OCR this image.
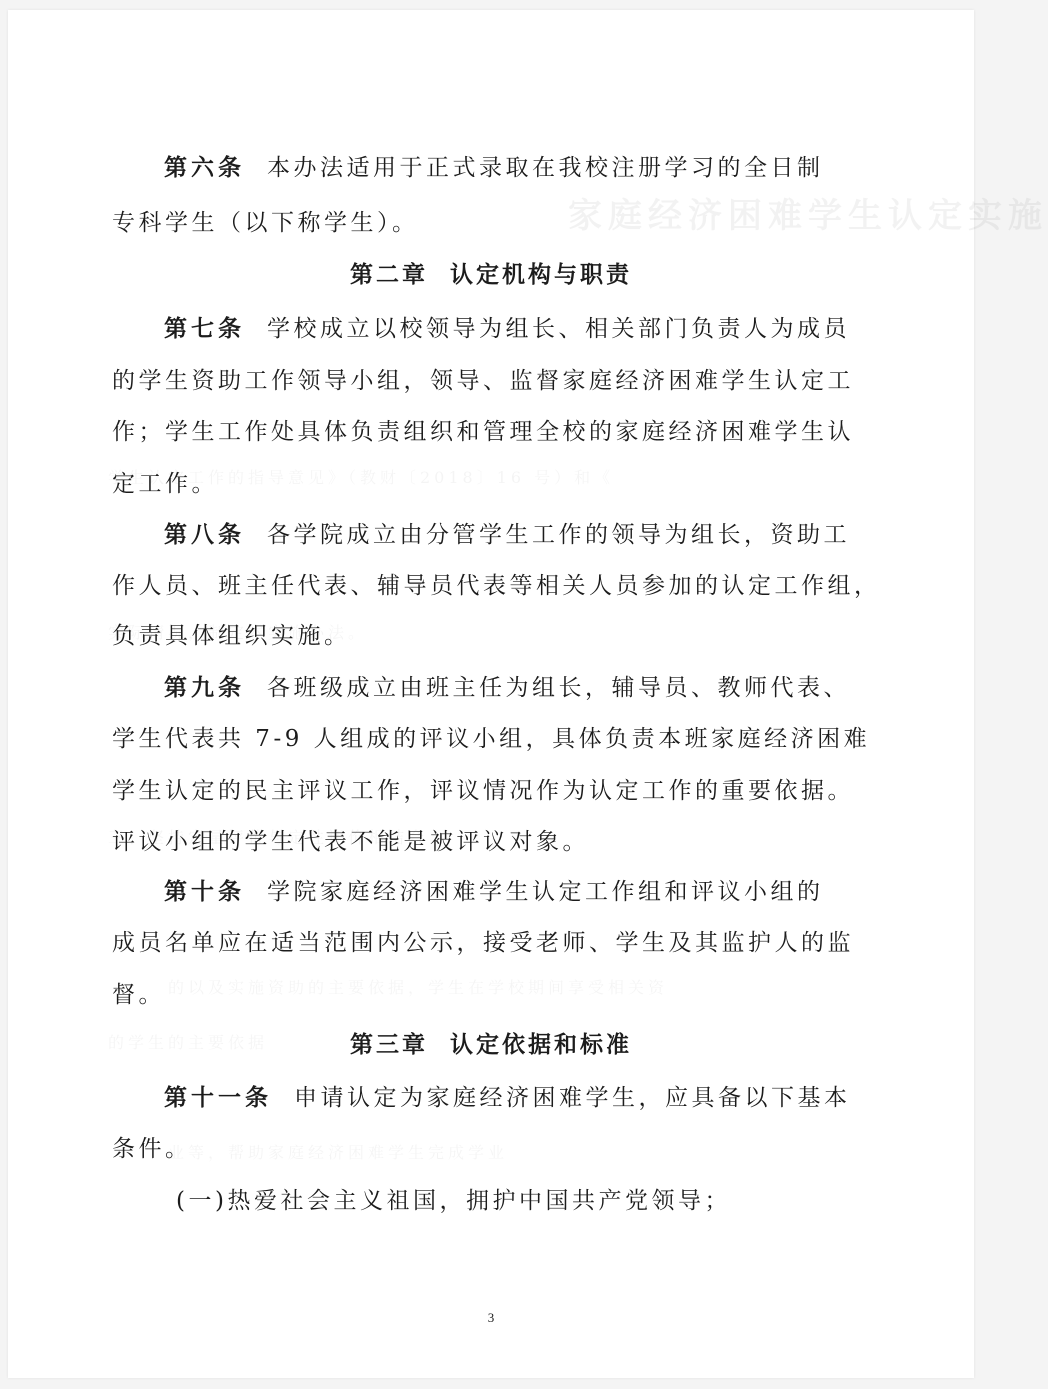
家庭经济困难学生认定实施
第六条 本办法适用于正式录取在我校注册学习的全日制
专科学生（以下称学生）。
第二章 认定机构与职责
第七条 学校成立以校领导为组长、相关部门负责人为成员
的学生资助工作领导小组，领导、监督家庭经济困难学生认定工
作；学生工作处具体负责组织和管理全校的家庭经济困难学生认
定工作。
第八条 各学院成立由分管学生工作的领导为组长，资助工
作人员、班主任代表、辅导员代表等相关人员参加的认定工作组，
负责具体组织实施。
第九条 各班级成立由班主任为组长，辅导员、教师代表、
学生代表共 7-9 人组成的评议小组，具体负责本班家庭经济困难
学生认定的民主评议工作，评议情况作为认定工作的重要依据。
评议小组的学生代表不能是被评议对象。
第十条 学院家庭经济困难学生认定工作组和评议小组的
成员名单应在适当范围内公示，接受老师、学生及其监护人的监
督。
第三章 认定依据和标准
第十一条 申请认定为家庭经济困难学生，应具备以下基本
条件。
(一)热爱社会主义祖国，拥护中国共产党领导；
3
